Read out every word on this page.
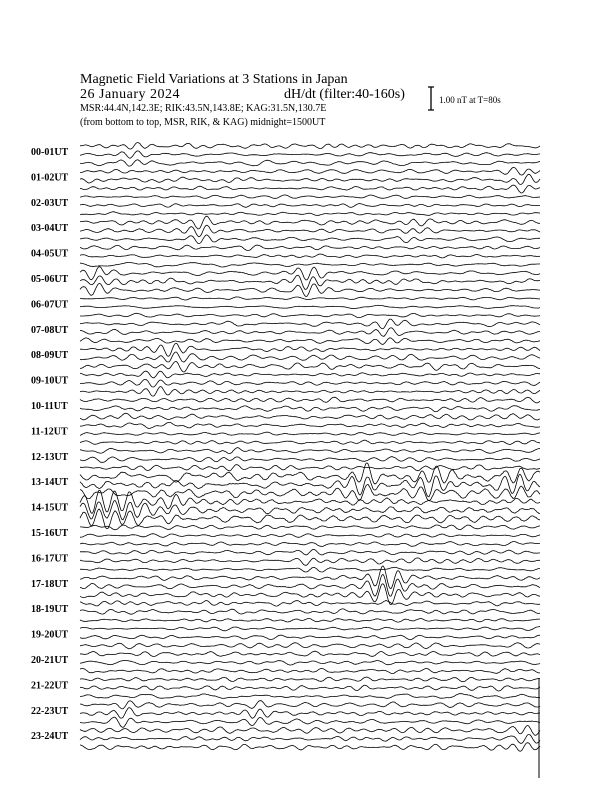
Magnetic Field Variations at 3 Stations in Japan
26 January 2024	dH/dt (filter:40-160s)
MSR:44.4N,142.3E; RIK:43.5N,143.8E; KAG:31.5N,130.7E
(from bottom to top, MSR, RIK, & KAG) midnight=1500UT
1.00 nT at T=80s
00-01UT
01-02UT
02-03UT
03-04UT
04-05UT
05-06UT
06-07UT
07-08UT
08-09UT
09-10UT
10-11UT
11-12UT
12-13UT
13-14UT
14-15UT
15-16UT
16-17UT
17-18UT
18-19UT
19-20UT
20-21UT
21-22UT
22-23UT
23-24UT
